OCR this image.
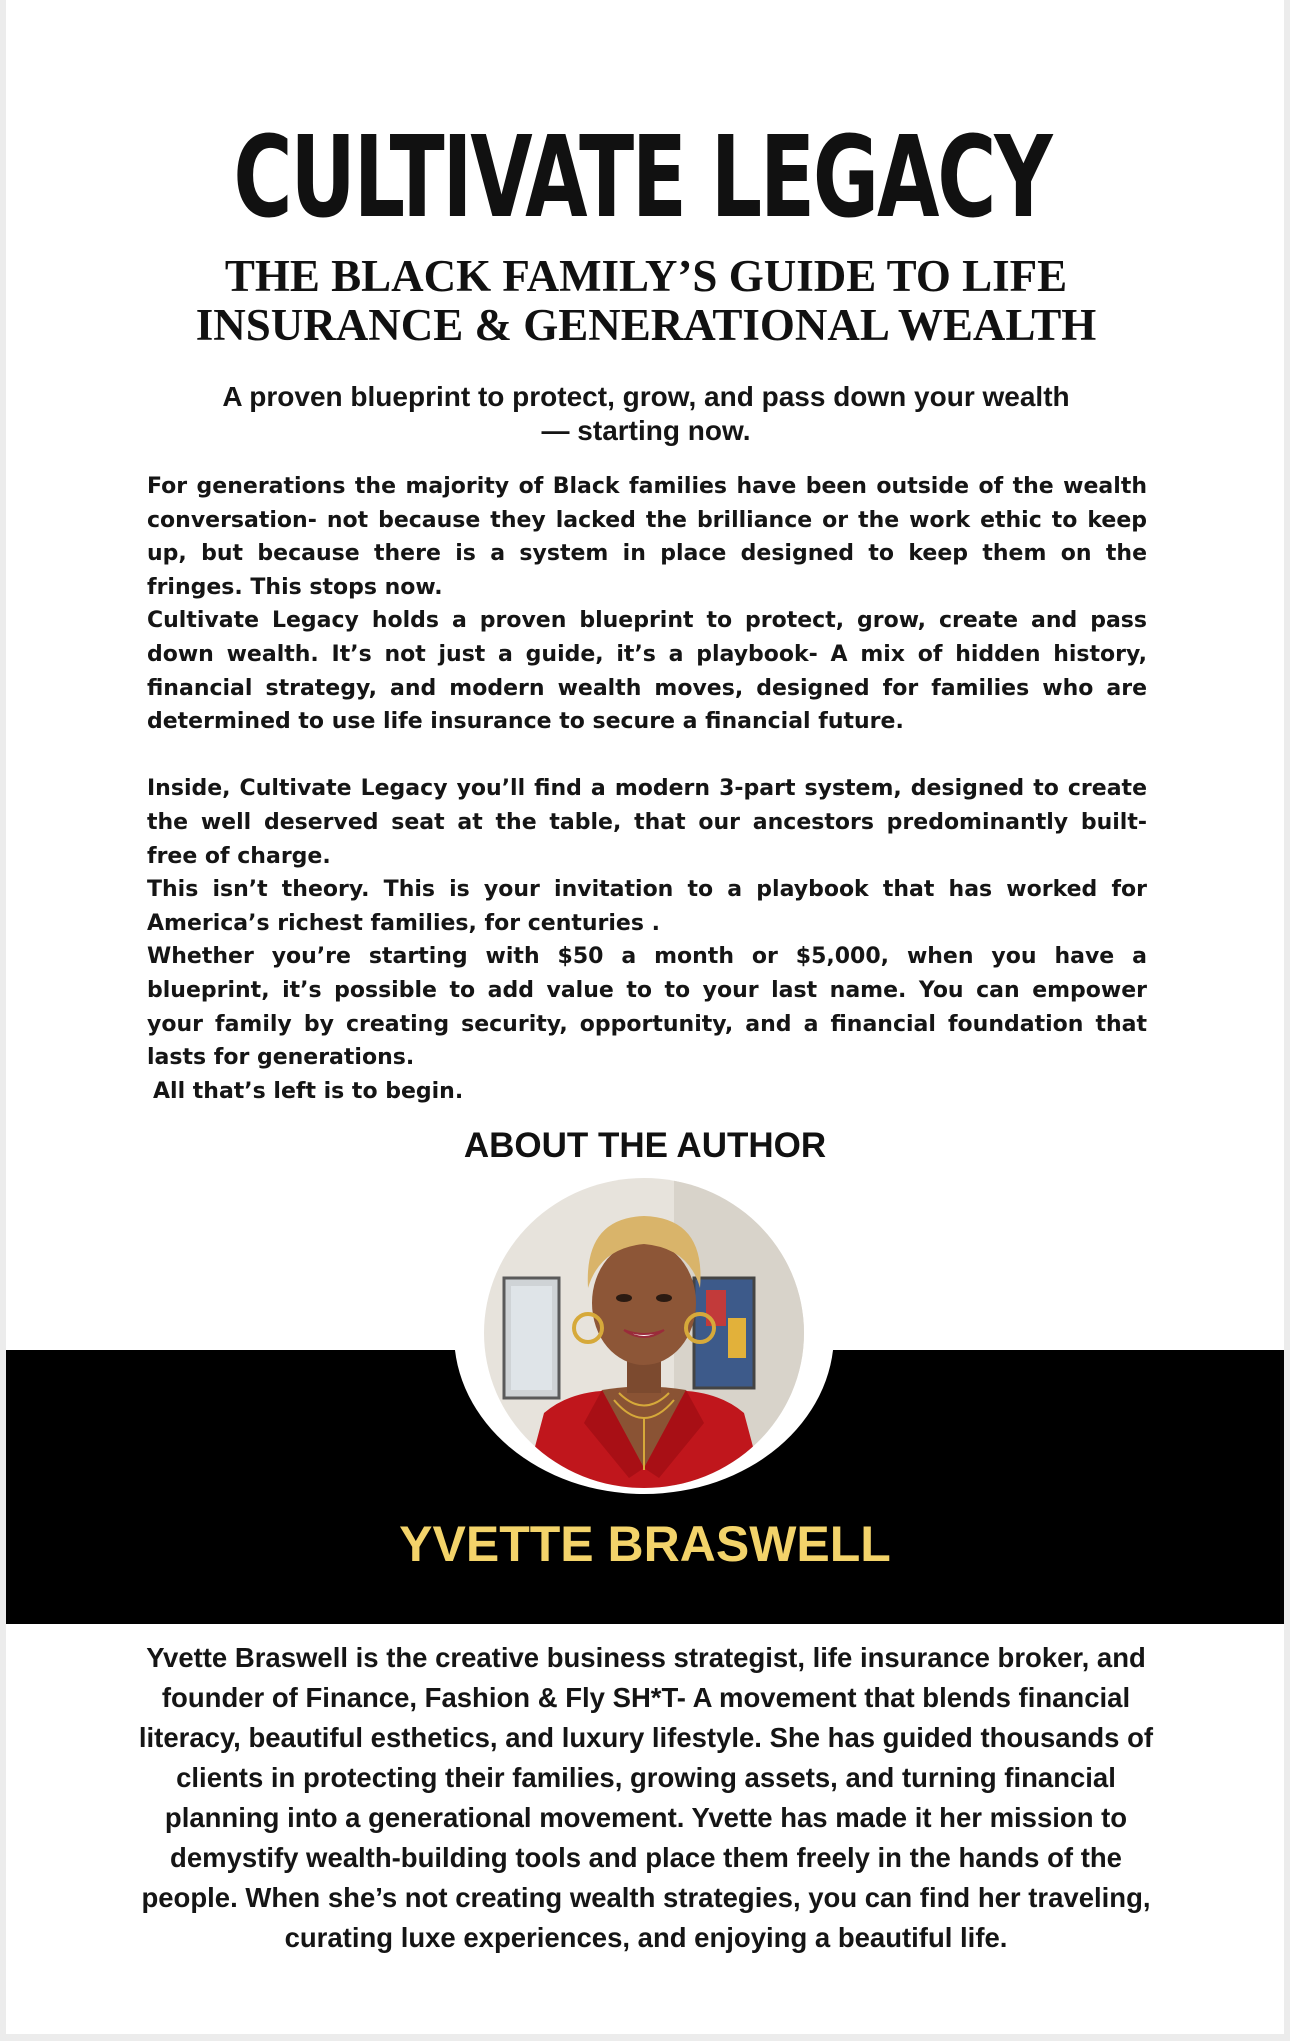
CULTIVATE LEGACY
THE BLACK FAMILY’S GUIDE TO LIFE
INSURANCE & GENERATIONAL WEALTH
A proven blueprint to protect, grow, and pass down your wealth
— starting now.

For generations the majority of Black families have been outside of the wealth conversation- not because they lacked the brilliance or the work ethic to keep up, but because there is a system in place designed to keep them on the fringes. This stops now.

Cultivate Legacy holds a proven blueprint to protect, grow, create and pass down wealth. It’s not just a guide, it’s a playbook- A mix of hidden history, financial strategy, and modern wealth moves, designed for families who are determined to use life insurance to secure a financial future.

Inside, Cultivate Legacy you’ll find a modern 3-part system, designed to create the well deserved seat at the table, that our ancestors predominantly built- free of charge.

This isn’t theory. This is your invitation to a playbook that has worked for America’s richest families, for centuries .

Whether you’re starting with $50 a month or $5,000, when you have a blueprint, it’s possible to add value to to your last name. You can empower your family by creating security, opportunity, and a financial foundation that lasts for generations.

All that’s left is to begin.

ABOUT THE AUTHOR
YVETTE BRASWELL

Yvette Braswell is the creative business strategist, life insurance broker, and founder of Finance, Fashion & Fly SH*T- A movement that blends financial literacy, beautiful esthetics, and luxury lifestyle. She has guided thousands of clients in protecting their families, growing assets, and turning financial planning into a generational movement. Yvette has made it her mission to demystify wealth-building tools and place them freely in the hands of the people. When she’s not creating wealth strategies, you can find her traveling, curating luxe experiences, and enjoying a beautiful life.
